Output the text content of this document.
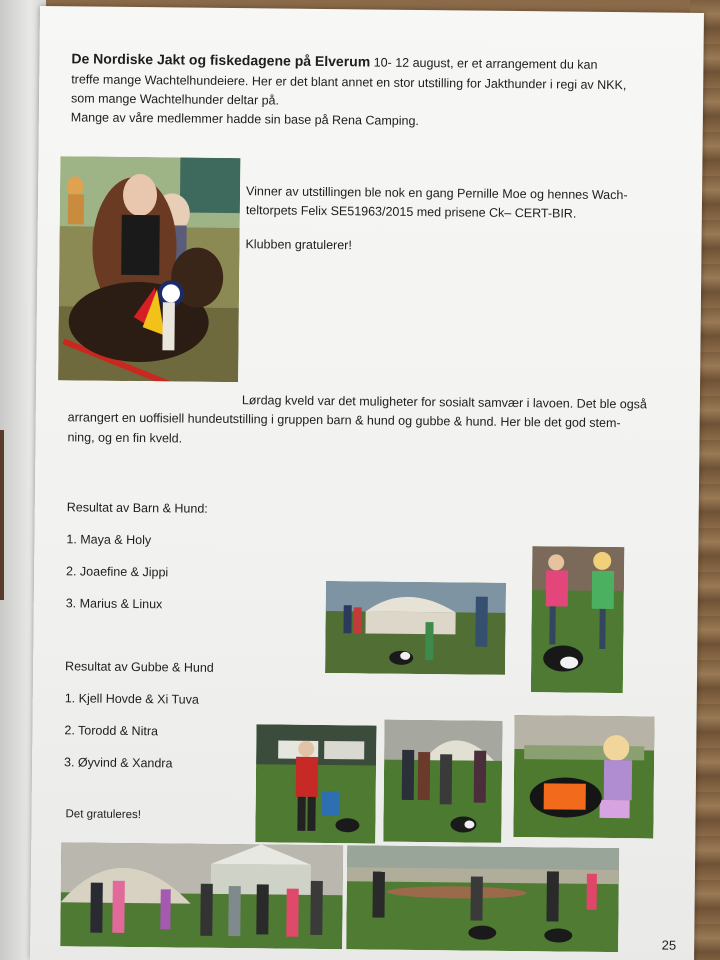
De Nordiske Jakt og fiskedagene på Elverum 10- 12 august, er et arrangement du kan
treffe mange Wachtelhundeiere. Her er det blant annet en stor utstilling for Jakthunder i regi av NKK,
som mange Wachtelhunder deltar på.
Mange av våre medlemmer hadde sin base på Rena Camping.
Vinner av utstillingen ble nok en gang Pernille Moe og hennes Wach-
teltorpets Felix SE51963/2015 med prisene Ck– CERT-BIR.
Klubben gratulerer!
Lørdag kveld var det muligheter for sosialt samvær i lavoen. Det ble også
arrangert en uoffisiell hundeutstilling i gruppen barn & hund og gubbe & hund. Her ble det god stem-
ning, og en fin kveld.
Resultat av Barn & Hund:
1. Maya & Holy
2. Joaefine & Jippi
3. Marius & Linux
Resultat av Gubbe & Hund
1. Kjell Hovde & Xi Tuva
2. Torodd & Nitra
3. Øyvind & Xandra
Det gratuleres!
25
